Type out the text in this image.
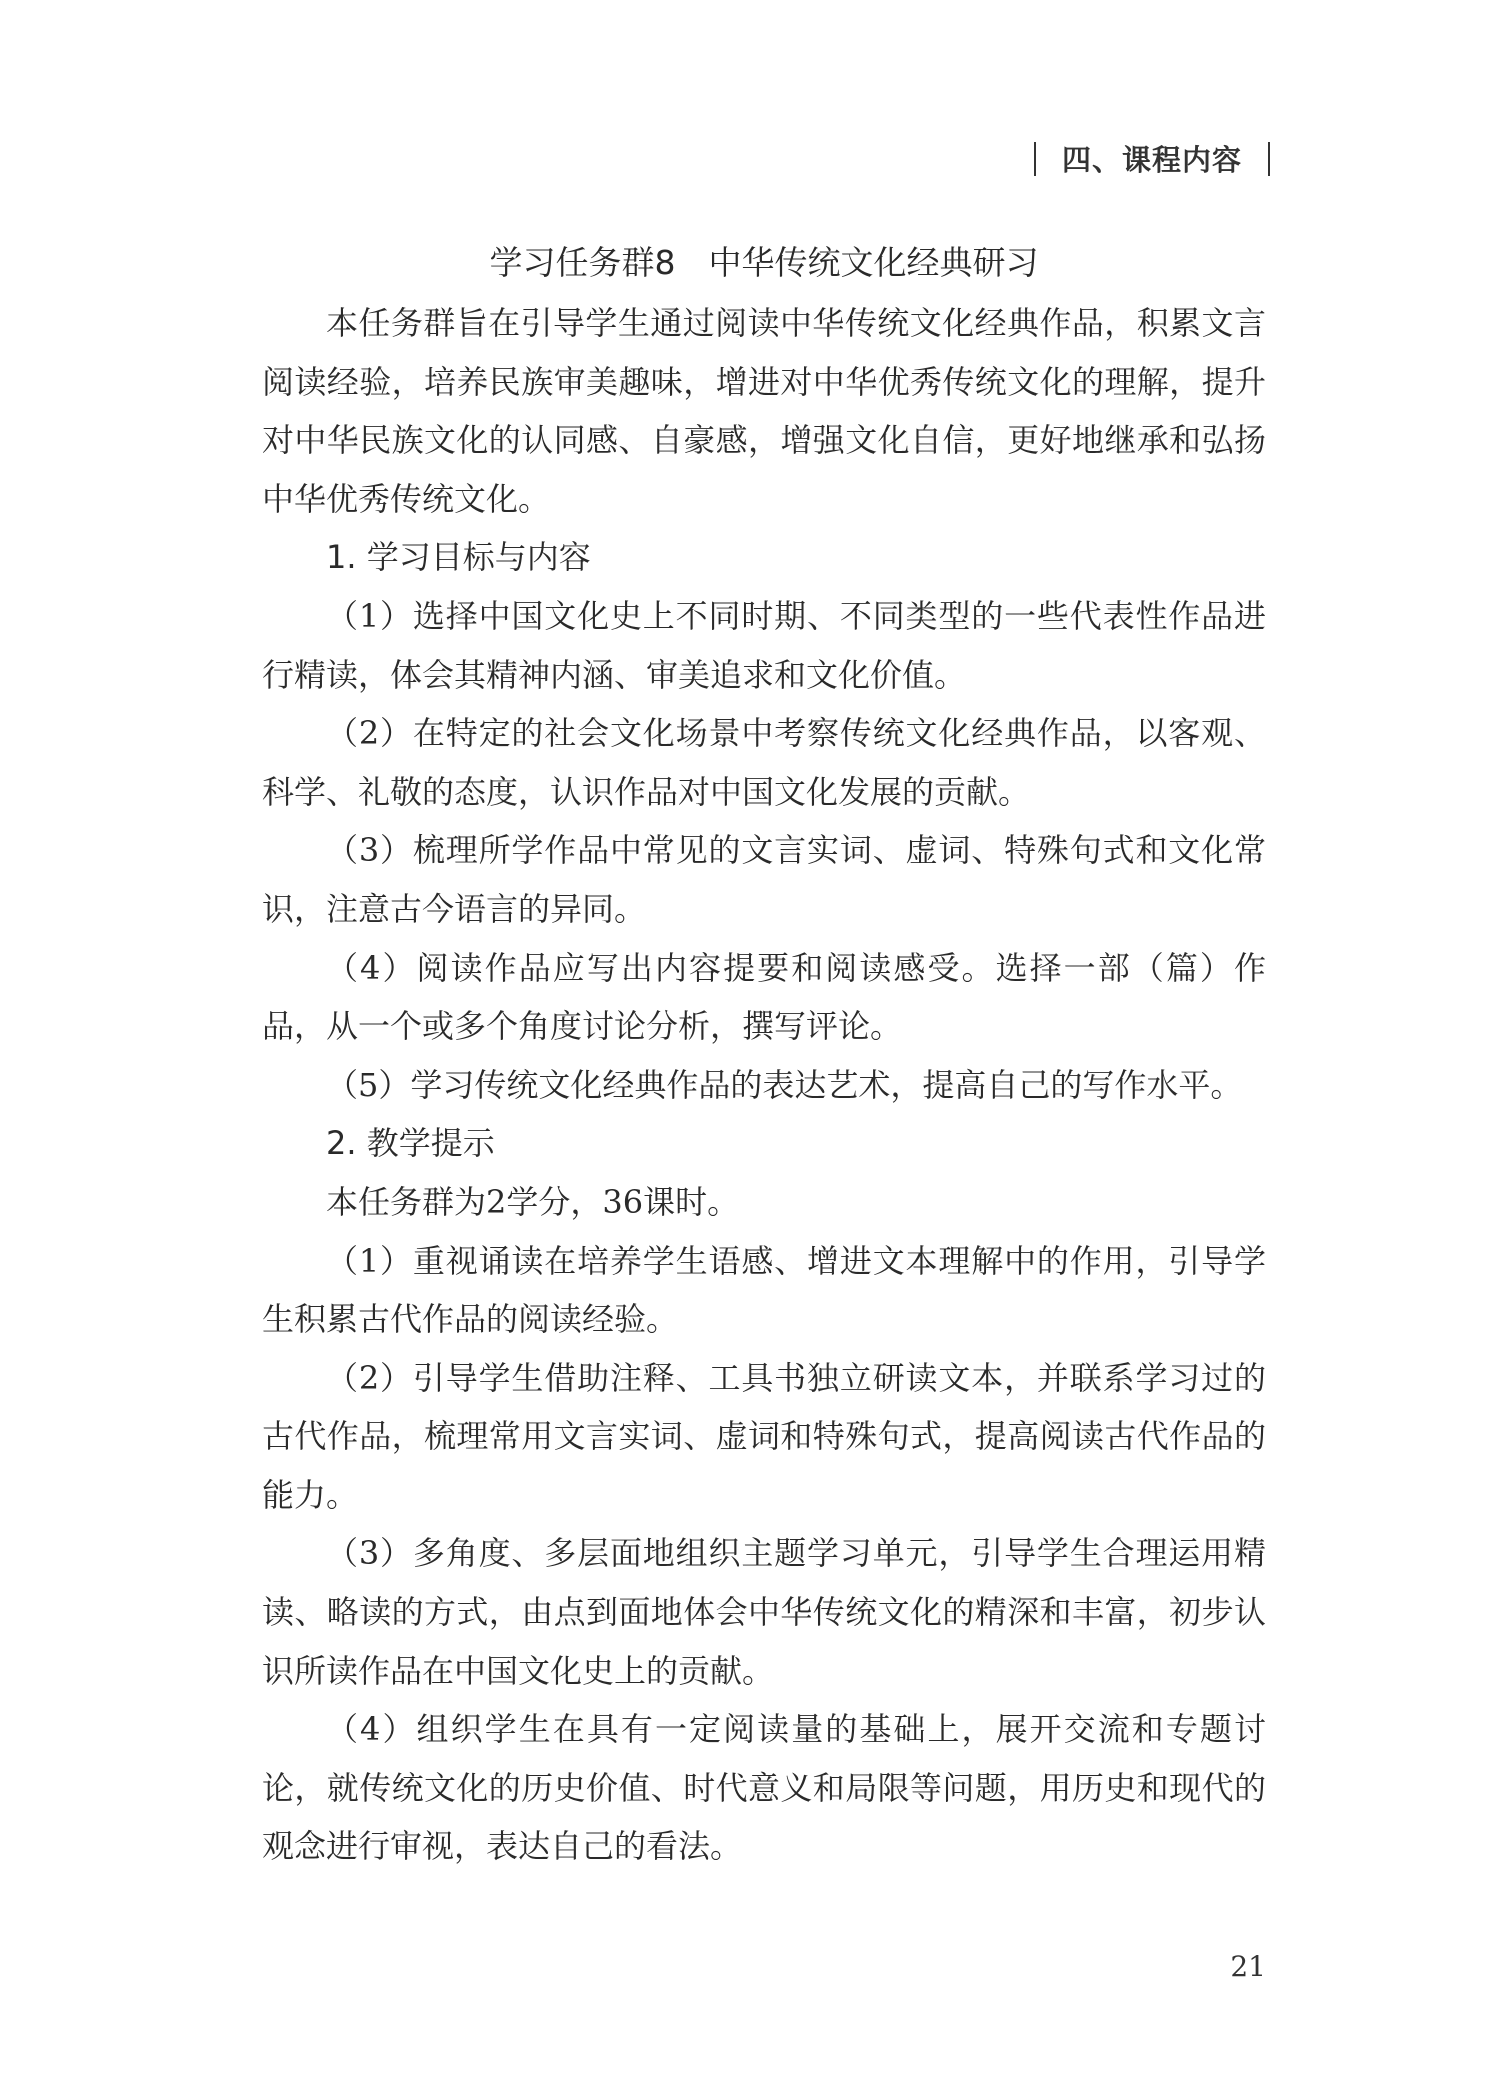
四、课程内容
学习任务群8　中华传统文化经典研习

本任务群旨在引导学生通过阅读中华传统文化经典作品，积累文言阅读经验，培养民族审美趣味，增进对中华优秀传统文化的理解，提升对中华民族文化的认同感、自豪感，增强文化自信，更好地继承和弘扬中华优秀传统文化。

1. 学习目标与内容

（1）选择中国文化史上不同时期、不同类型的一些代表性作品进行精读，体会其精神内涵、审美追求和文化价值。

（2）在特定的社会文化场景中考察传统文化经典作品，以客观、科学、礼敬的态度，认识作品对中国文化发展的贡献。

（3）梳理所学作品中常见的文言实词、虚词、特殊句式和文化常识，注意古今语言的异同。

（4）阅读作品应写出内容提要和阅读感受。选择一部（篇）作品，从一个或多个角度讨论分析，撰写评论。

（5）学习传统文化经典作品的表达艺术，提高自己的写作水平。

2. 教学提示

本任务群为2学分，36课时。

（1）重视诵读在培养学生语感、增进文本理解中的作用，引导学生积累古代作品的阅读经验。

（2）引导学生借助注释、工具书独立研读文本，并联系学习过的古代作品，梳理常用文言实词、虚词和特殊句式，提高阅读古代作品的能力。

（3）多角度、多层面地组织主题学习单元，引导学生合理运用精读、略读的方式，由点到面地体会中华传统文化的精深和丰富，初步认识所读作品在中国文化史上的贡献。

（4）组织学生在具有一定阅读量的基础上，展开交流和专题讨论，就传统文化的历史价值、时代意义和局限等问题，用历史和现代的观念进行审视，表达自己的看法。

21
